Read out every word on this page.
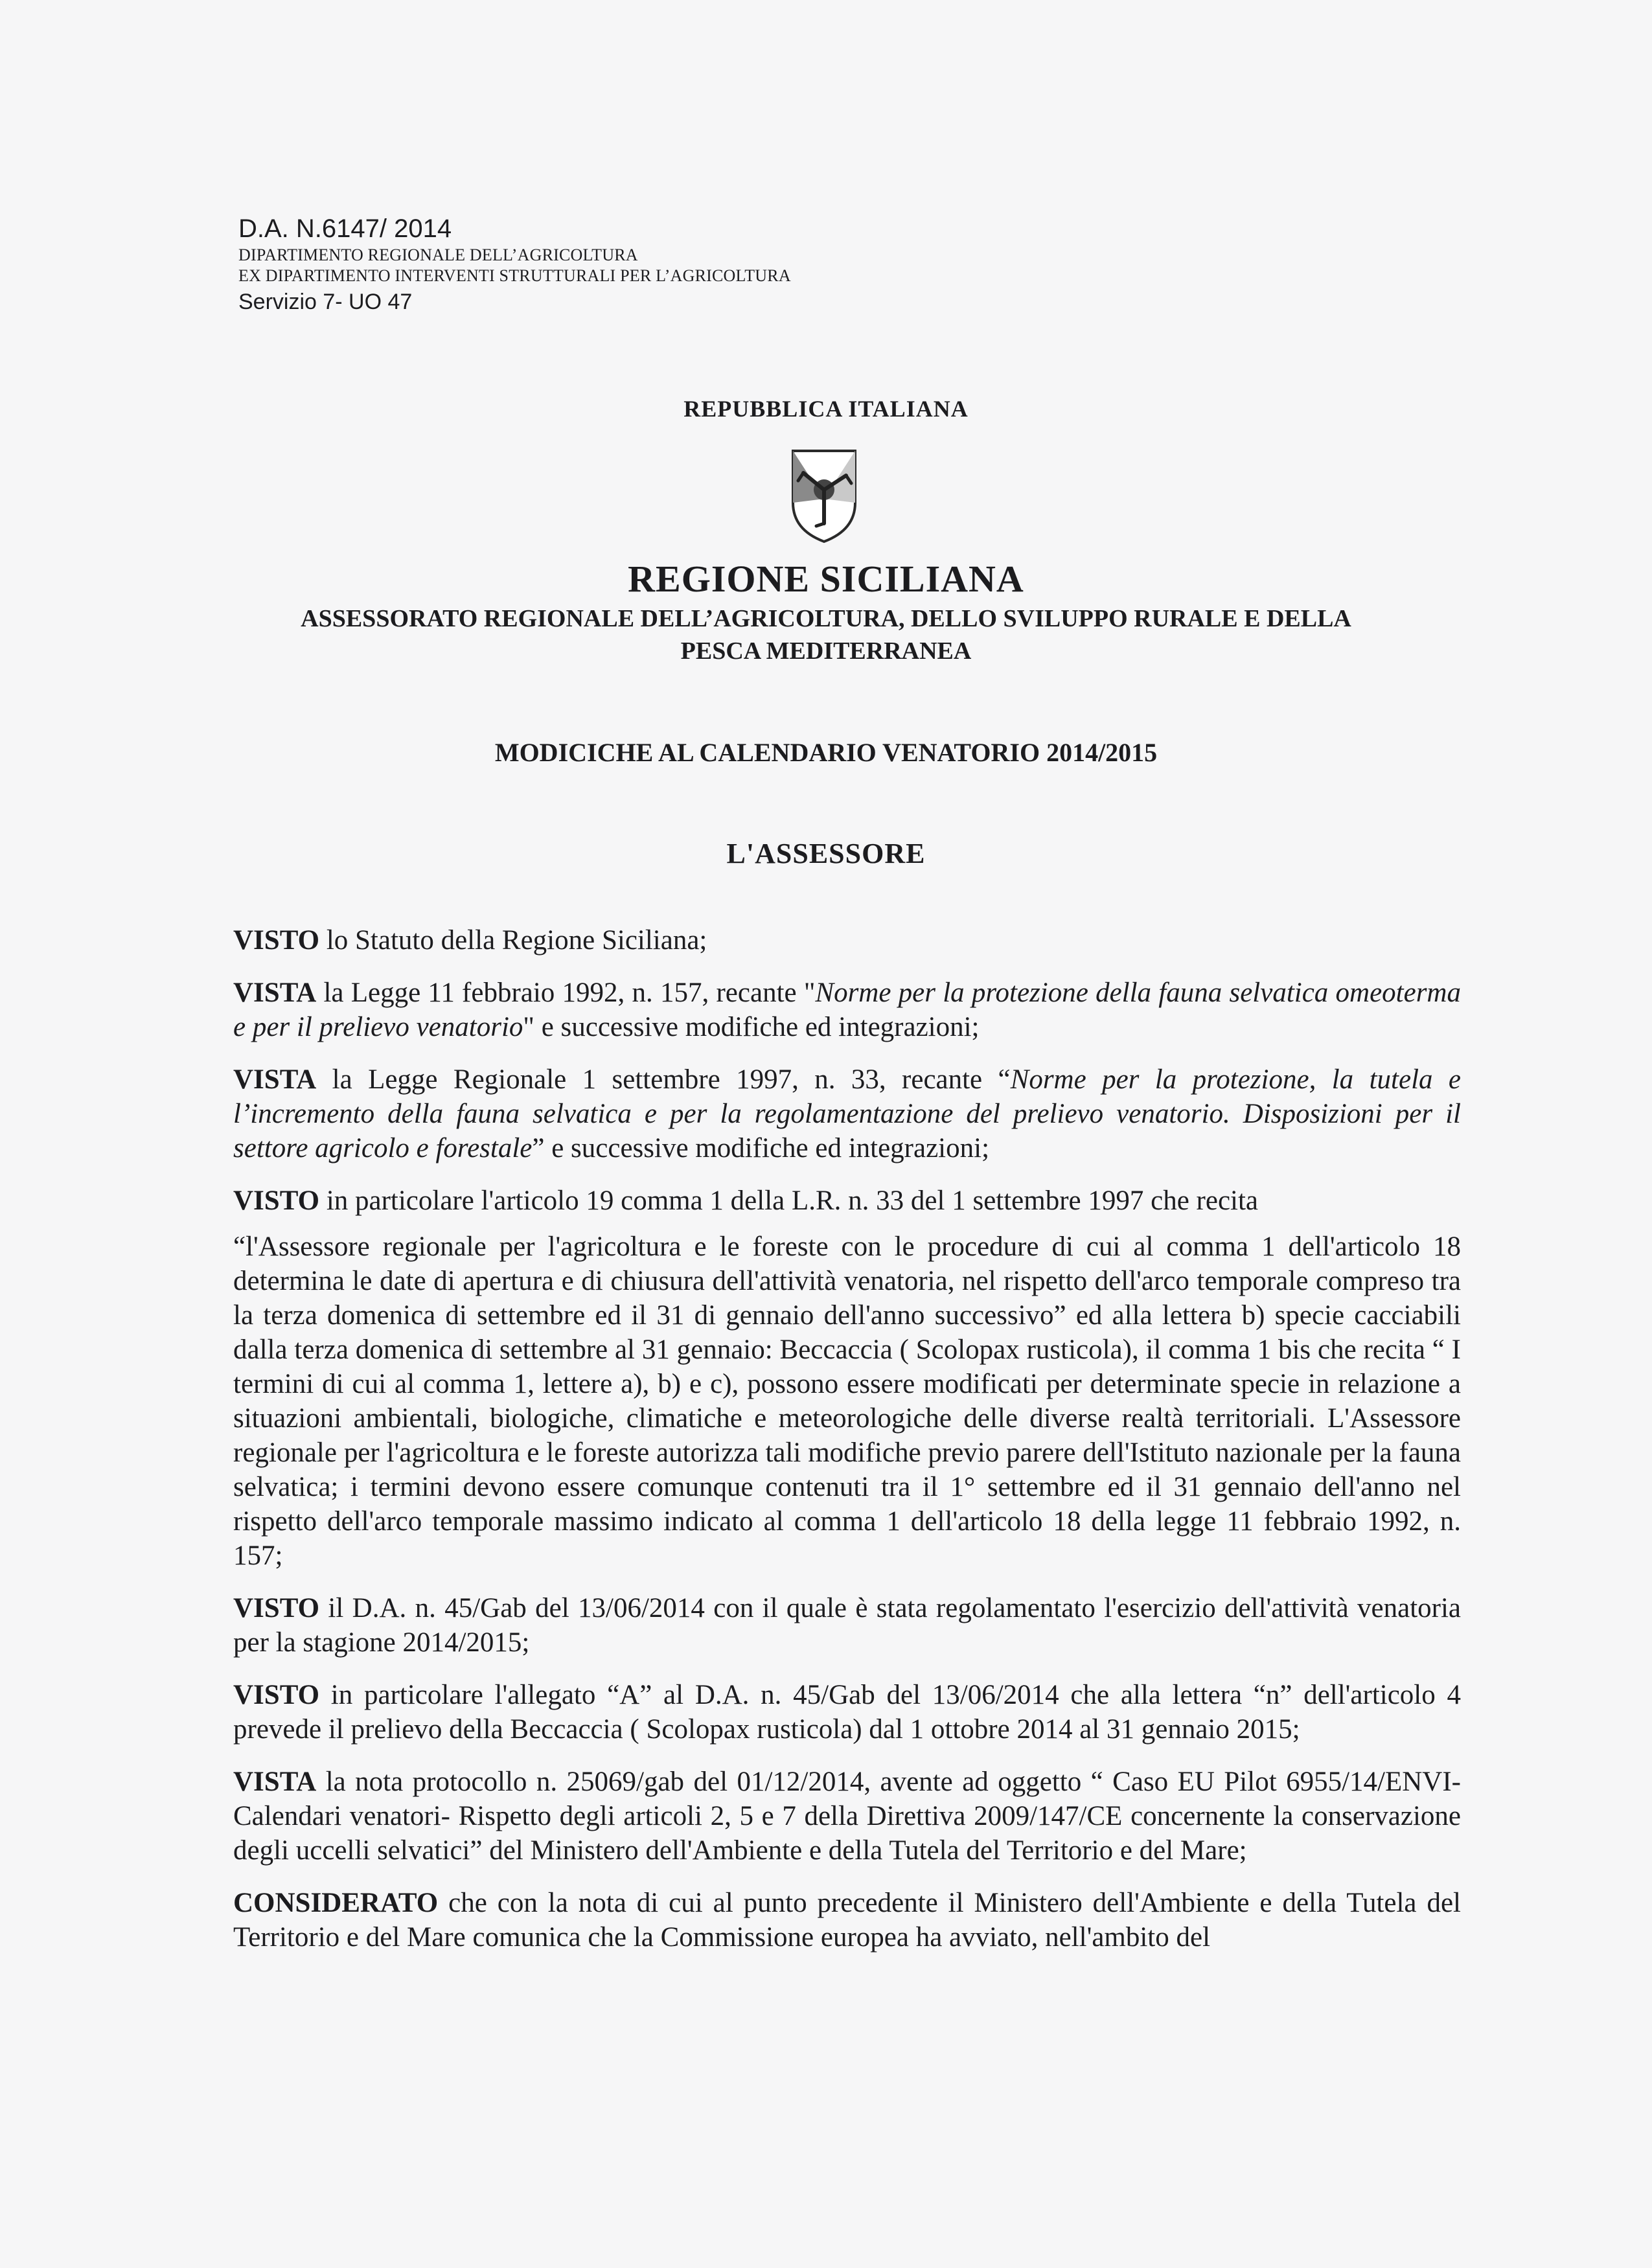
D.A. N.6147/ 2014
DIPARTIMENTO REGIONALE DELL’AGRICOLTURA
EX DIPARTIMENTO INTERVENTI STRUTTURALI PER L’AGRICOLTURA
Servizio 7- UO 47
REPUBBLICA ITALIANA
REGIONE SICILIANA
ASSESSORATO REGIONALE DELL’AGRICOLTURA, DELLO SVILUPPO RURALE E DELLA
PESCA MEDITERRANEA
MODICICHE AL CALENDARIO VENATORIO 2014/2015
L'ASSESSORE

VISTO lo Statuto della Regione Siciliana;

VISTA la Legge 11 febbraio 1992, n. 157, recante "Norme per la protezione della fauna selvatica omeoterma e per il prelievo venatorio" e successive modifiche ed integrazioni;

VISTA la Legge Regionale 1 settembre 1997, n. 33, recante “Norme per la protezione, la tutela e l’incremento della fauna selvatica e per la regolamentazione del prelievo venatorio. Disposizioni per il settore agricolo e forestale” e successive modifiche ed integrazioni;

VISTO in particolare l'articolo 19 comma 1 della L.R. n. 33 del 1 settembre 1997 che recita

“l'Assessore regionale per l'agricoltura e le foreste con le procedure di cui al comma 1 dell'articolo 18 determina le date di apertura e di chiusura dell'attività venatoria, nel rispetto dell'arco temporale compreso tra la terza domenica di settembre ed il 31 di gennaio dell'anno successivo” ed alla lettera b) specie cacciabili dalla terza domenica di settembre al 31 gennaio: Beccaccia ( Scolopax rusticola), il comma 1 bis che recita “ I termini di cui al comma 1, lettere a), b) e c), possono essere modificati per determinate specie in relazione a situazioni ambientali, biologiche, climatiche e meteorologiche delle diverse realtà territoriali. L'Assessore regionale per l'agricoltura e le foreste autorizza tali modifiche previo parere dell'Istituto nazionale per la fauna selvatica; i termini devono essere comunque contenuti tra il 1° settembre ed il 31 gennaio dell'anno nel rispetto dell'arco temporale massimo indicato al comma 1 dell'articolo 18 della legge 11 febbraio 1992, n. 157;

VISTO il D.A. n. 45/Gab del 13/06/2014 con il quale è stata regolamentato l'esercizio dell'attività venatoria per la stagione 2014/2015;

VISTO in particolare l'allegato “A” al D.A. n. 45/Gab del 13/06/2014 che alla lettera “n” dell'articolo 4 prevede il prelievo della Beccaccia ( Scolopax rusticola) dal 1 ottobre 2014 al 31 gennaio 2015;

VISTA la nota protocollo n. 25069/gab del 01/12/2014, avente ad oggetto “ Caso EU Pilot 6955/14/ENVI- Calendari venatori- Rispetto degli articoli 2, 5 e 7 della Direttiva 2009/147/CE concernente la conservazione degli uccelli selvatici” del Ministero dell'Ambiente e della Tutela del Territorio e del Mare;

CONSIDERATO che con la nota di cui al punto precedente il Ministero dell'Ambiente e della Tutela del Territorio e del Mare comunica che la Commissione europea ha avviato, nell'ambito del
